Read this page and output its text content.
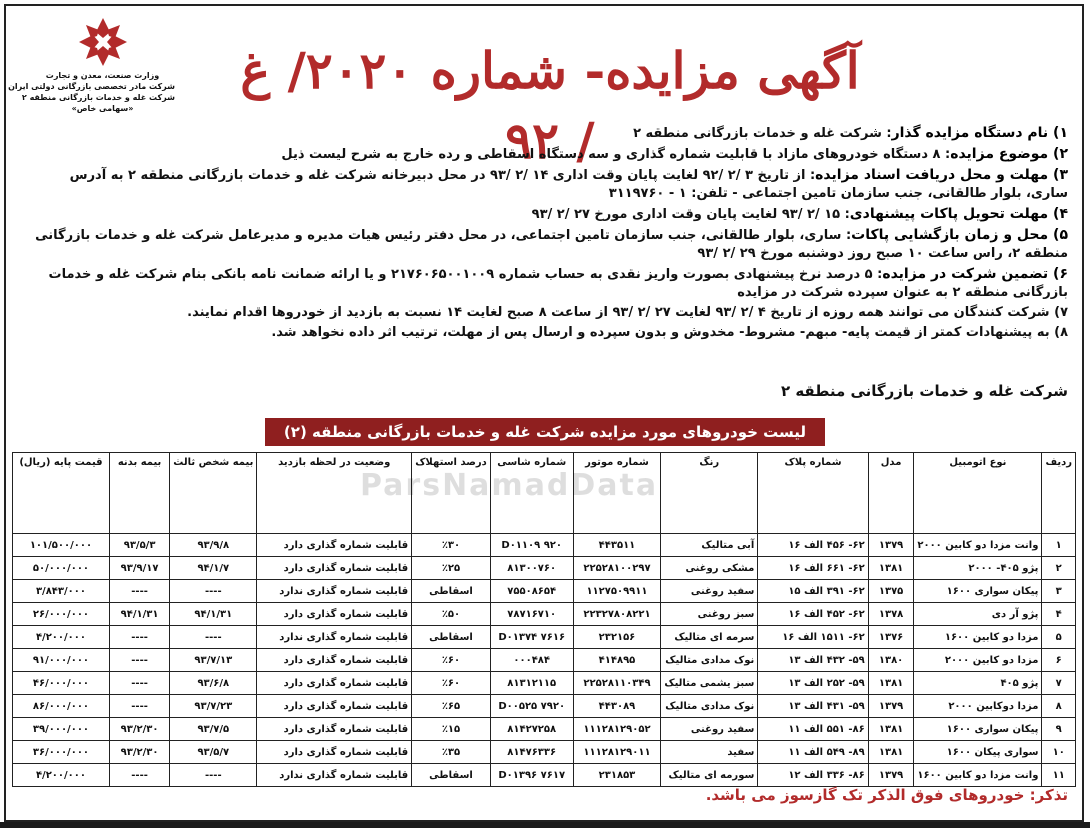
وزارت صنعت، معدن و تجارت
شرکت مادر تخصصی بازرگانی دولتی ایران
شرکت غله و خدمات بازرگانی منطقه ۲
«سهامی خاص»
آگهی مزایده- شماره ۲۰۲۰/ غ / ۹۲	۱) نام دستگاه مزایده گذار: شرکت غله و خدمات بازرگانی منطقه ۲

۲) موضوع مزایده: ۸ دستگاه خودروهای مازاد با قابلیت شماره گذاری و سه دستگاه اسقاطی و رده خارج به شرح لیست ذیل

۳) مهلت و محل دریافت اسناد مزایده: از تاریخ ۳ /۲ /۹۲ لغایت پایان وقت اداری ۱۴ /۲ /۹۳ در محل دبیرخانه شرکت غله و خدمات بازرگانی منطقه ۲ به آدرس ساری، بلوار طالقانی، جنب سازمان تامین اجتماعی - تلفن: ۱ - ۳۱۱۹۷۶۰

۴) مهلت تحویل پاکات پیشنهادی: ۱۵ /۲ /۹۳ لغایت پایان وقت اداری مورخ ۲۷ /۲ /۹۳

۵) محل و زمان بازگشایی پاکات: ساری، بلوار طالقانی، جنب سازمان تامین اجتماعی، در محل دفتر رئیس هیات مدیره و مدیرعامل شرکت غله و خدمات بازرگانی منطقه ۲، راس ساعت ۱۰ صبح روز دوشنبه مورخ ۲۹ /۲ /۹۳

۶) تضمین شرکت در مزایده: ۵ درصد نرخ پیشنهادی بصورت واریز نقدی به حساب شماره ۲۱۷۶۰۶۵۰۰۱۰۰۹ و یا ارائه ضمانت نامه بانکی بنام شرکت غله و خدمات بازرگانی منطقه ۲ به عنوان سپرده شرکت در مزایده

۷) شرکت کنندگان می توانند همه روزه از تاریخ ۴ /۲ /۹۳ لغایت ۲۷ /۲ /۹۳ از ساعت ۸ صبح لغایت ۱۴ نسبت به بازدید از خودروها اقدام نمایند.

۸) به پیشنهادات کمتر از قیمت پایه- مبهم- مشروط- مخدوش و بدون سپرده و ارسال پس از مهلت، ترتیب اثر داده نخواهد شد.

شرکت غله و خدمات بازرگانی منطقه ۲
لیست خودروهای مورد مزایده شرکت غله و خدمات بازرگانی منطقه (۲)
ردیف	نوع اتومبیل	مدل	شماره پلاک	رنگ	شماره موتور	شماره شاسی	درصد استهلاک	وضعیت در لحظه بازدید	بیمه شخص ثالث	بیمه بدنه	قیمت پایه (ریال)
۱	وانت مزدا دو کابین ۲۰۰۰	۱۳۷۹	۶۲- ۴۵۶ الف ۱۶	آبی متالیک	۴۴۳۵۱۱	۹۲۰ D۰۱۱۰۹	٪۳۰	قابلیت شماره گذاری دارد	۹۳/۹/۸	۹۳/۵/۳	۱۰۱/۵۰۰/۰۰۰
۲	پژو ۴۰۵- ۲۰۰۰	۱۳۸۱	۶۲- ۶۶۱ الف ۱۶	مشکی روغنی	۲۲۵۲۸۱۰۰۲۹۷	۸۱۳۰۰۷۶۰	٪۲۵	قابلیت شماره گذاری دارد	۹۴/۱/۷	۹۳/۹/۱۷	۵۰/۰۰۰/۰۰۰
۳	پیکان سواری ۱۶۰۰	۱۳۷۵	۶۲- ۳۹۱ الف ۱۵	سفید روغنی	۱۱۲۷۵۰۹۹۱۱	۷۵۵۰۸۶۵۴	اسقاطی	قابلیت شماره گذاری ندارد	----	----	۳/۸۴۳/۰۰۰
۴	پژو آر دی	۱۳۷۸	۶۲- ۴۵۲ الف ۱۶	سبز روغنی	۲۲۳۲۷۸۰۸۲۲۱	۷۸۷۱۶۷۱۰	٪۵۰	قابلیت شماره گذاری دارد	۹۴/۱/۳۱	۹۴/۱/۳۱	۲۶/۰۰۰/۰۰۰
۵	مزدا دو کابین ۱۶۰۰	۱۳۷۶	۶۲- ۱۵۱۱ الف ۱۶	سرمه ای متالیک	۲۳۲۱۵۶	۷۶۱۶ D۰۱۳۷۴	اسقاطی	قابلیت شماره گذاری ندارد	----	----	۴/۲۰۰/۰۰۰
۶	مزدا دو کابین ۲۰۰۰	۱۳۸۰	۵۹- ۴۳۲ الف ۱۳	نوک مدادی متالیک	۴۱۴۸۹۵	۰۰۰۴۸۴	٪۶۰	قابلیت شماره گذاری دارد	۹۳/۷/۱۳	----	۹۱/۰۰۰/۰۰۰
۷	پژو ۴۰۵	۱۳۸۱	۵۹- ۲۵۲ الف ۱۳	سبز یشمی متالیک	۲۲۵۲۸۱۱۰۳۴۹	۸۱۳۱۲۱۱۵	٪۶۰	قابلیت شماره گذاری دارد	۹۳/۶/۸	----	۴۶/۰۰۰/۰۰۰
۸	مزدا دوکابین ۲۰۰۰	۱۳۷۹	۵۹- ۴۳۱ الف ۱۳	نوک مدادی متالیک	۴۴۳۰۸۹	۷۹۲۰ D۰۰۵۲۵	٪۶۵	قابلیت شماره گذاری دارد	۹۳/۷/۲۳	----	۸۶/۰۰۰/۰۰۰
۹	پیکان سواری ۱۶۰۰	۱۳۸۱	۸۶- ۵۵۱ الف ۱۱	سفید روغنی	۱۱۱۲۸۱۲۹۰۵۲	۸۱۴۲۷۲۵۸	٪۱۵	قابلیت شماره گذاری دارد	۹۳/۷/۵	۹۳/۲/۳۰	۳۹/۰۰۰/۰۰۰
۱۰	سواری پیکان ۱۶۰۰	۱۳۸۱	۸۹- ۵۴۹ الف ۱۱	سفید	۱۱۱۲۸۱۲۹۰۱۱	۸۱۴۷۶۳۳۶	٪۳۵	قابلیت شماره گذاری دارد	۹۳/۵/۷	۹۳/۲/۳۰	۳۶/۰۰۰/۰۰۰
۱۱	وانت مزدا دو کابین ۱۶۰۰	۱۳۷۹	۸۶- ۳۳۶ الف ۱۲	سورمه ای متالیک	۲۳۱۸۵۳	۷۶۱۷ D۰۱۳۹۶	اسقاطی	قابلیت شماره گذاری ندارد	----	----	۴/۲۰۰/۰۰۰
ParsNamadData
تذکر: خودروهای فوق الذکر تک گازسوز می باشد.
